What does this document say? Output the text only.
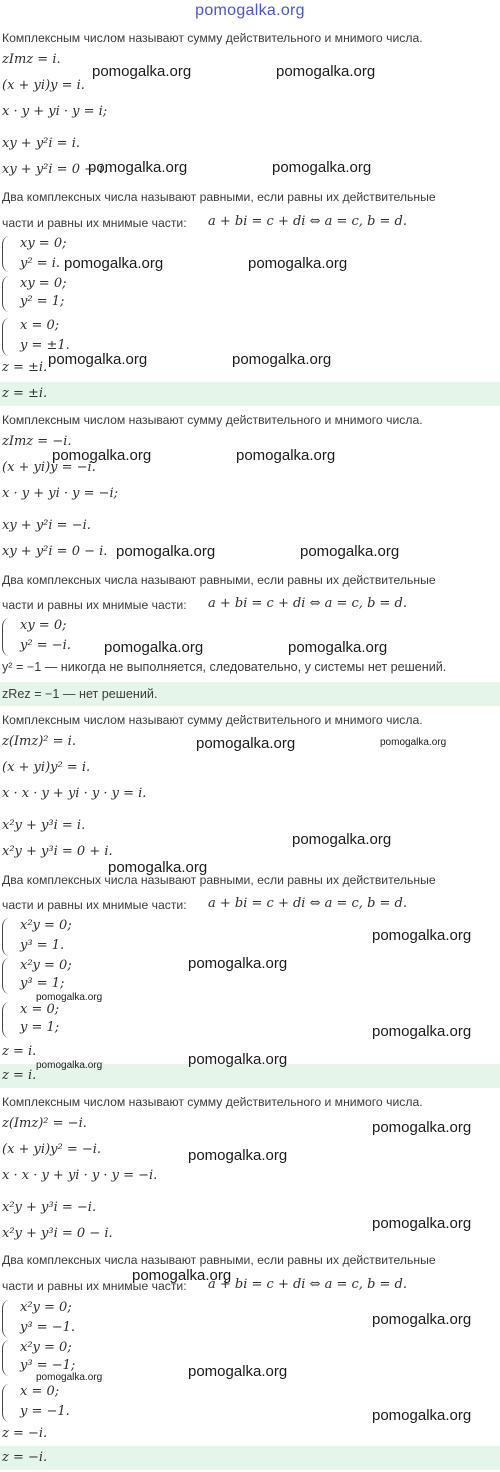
pomogalka.org
Комплексным числом называют сумму действительного и мнимого числа.
zImz = i.
(x + yi)y = i.
x · y + yi · y = i;
xy + y²i = i.
xy + y²i = 0 + i.
Два комплексных числа называют равными, если равны их действительные
части и равны их мнимые части: a + bi = c + di ⇔ a = c, b = d.
xy = 0;
y² = i.
xy = 0;
y² = 1;
x = 0;
y = ±1.
z = ±i.
z = ±i.
Комплексным числом называют сумму действительного и мнимого числа.
zImz = −i.
(x + yi)y = −i.
x · y + yi · y = −i;
xy + y²i = −i.
xy + y²i = 0 − i.
Два комплексных числа называют равными, если равны их действительные
части и равны их мнимые части: a + bi = c + di ⇔ a = c, b = d.
xy = 0;
y² = −i.
y² = −1 — никогда не выполняется, следовательно, у системы нет решений.
zRez = −1 — нет решений.
Комплексным числом называют сумму действительного и мнимого числа.
z(Imz)² = i.
(x + yi)y² = i.
x · x · y + yi · y · y = i.
x²y + y³i = i.
x²y + y³i = 0 + i.
Два комплексных числа называют равными, если равны их действительные
части и равны их мнимые части: a + bi = c + di ⇔ a = c, b = d.
x²y = 0;
y³ = 1.
x²y = 0;
y³ = 1;
x = 0;
y = 1;
z = i.
z = i.
Комплексным числом называют сумму действительного и мнимого числа.
z(Imz)² = −i.
(x + yi)y² = −i.
x · x · y + yi · y · y = −i.
x²y + y³i = −i.
x²y + y³i = 0 − i.
Два комплексных числа называют равными, если равны их действительные
части и равны их мнимые части: a + bi = c + di ⇔ a = c, b = d.
x²y = 0;
y³ = −1.
x²y = 0;
y³ = −1;
x = 0;
y = −1.
z = −i.
z = −i.
pomogalka.org	pomogalka.org
pomogalka.org	pomogalka.org
pomogalka.org	pomogalka.org
pomogalka.org	pomogalka.org
pomogalka.org	pomogalka.org
pomogalka.org	pomogalka.org
pomogalka.org	pomogalka.org
pomogalka.org	pomogalka.org
pomogalka.org
pomogalka.org
pomogalka.org
pomogalka.org
pomogalka.org
pomogalka.org
pomogalka.org
pomogalka.org
pomogalka.org
pomogalka.org
pomogalka.org
pomogalka.org
pomogalka.org
pomogalka.org
pomogalka.org
pomogalka.org
